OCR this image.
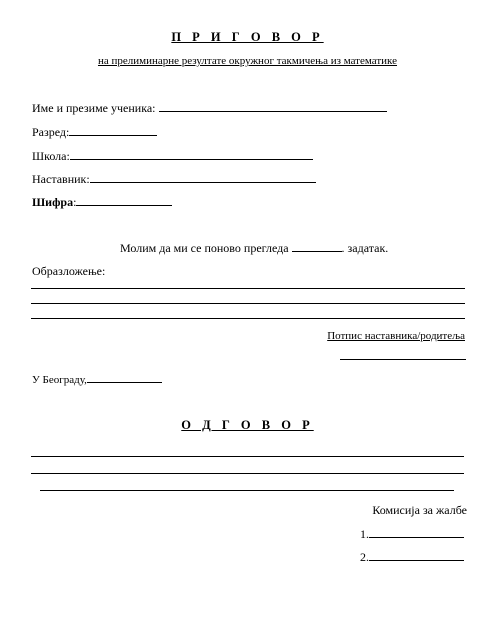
П Р И Г О В О Р
на прелиминарне резултате окружног такмичења из математике
Име и презиме ученика:
Разред:
Школа:
Наставник:
Шифра:
Молим да ми се поново прегледа	. задатак.
Образложење:
Потпис наставника/родитеља
У Београду,
О Д Г О В О Р
Комисија за жалбе
1.
2.
